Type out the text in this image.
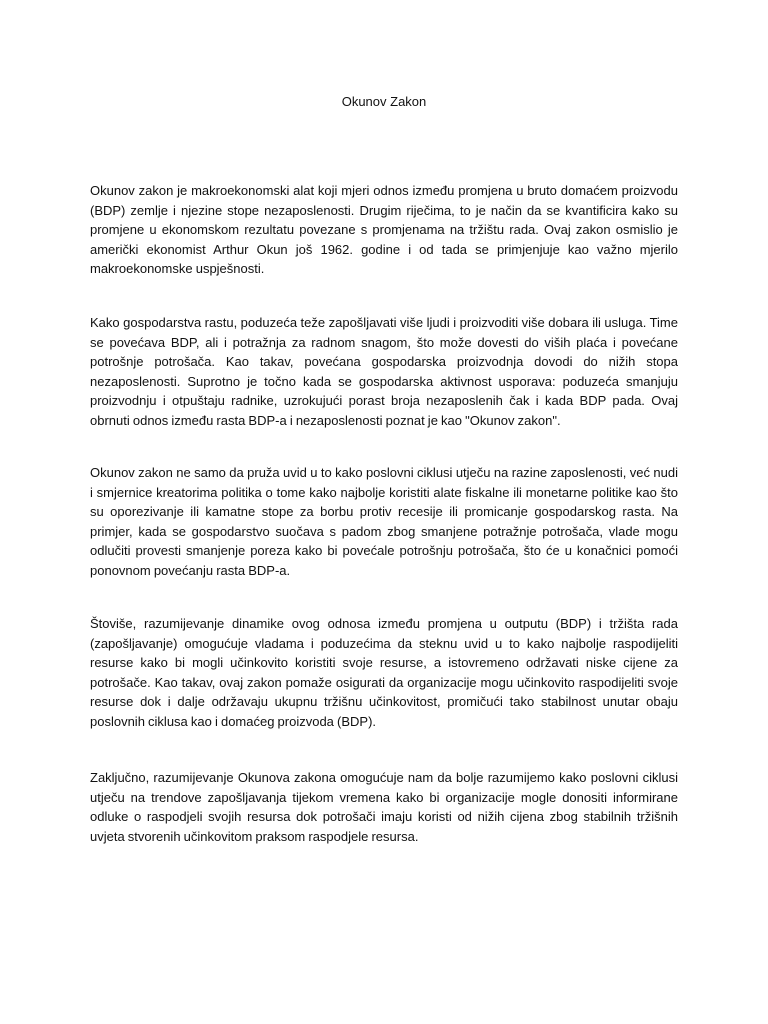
Okunov Zakon

Okunov zakon je makroekonomski alat koji mjeri odnos između promjena u bruto domaćem proizvodu (BDP) zemlje i njezine stope nezaposlenosti. Drugim riječima, to je način da se kvantificira kako su promjene u ekonomskom rezultatu povezane s promjenama na tržištu rada. Ovaj zakon osmislio je američki ekonomist Arthur Okun još 1962. godine i od tada se primjenjuje kao važno mjerilo makroekonomske uspješnosti.

Kako gospodarstva rastu, poduzeća teže zapošljavati više ljudi i proizvoditi više dobara ili usluga. Time se povećava BDP, ali i potražnja za radnom snagom, što može dovesti do viših plaća i povećane potrošnje potrošača. Kao takav, povećana gospodarska proizvodnja dovodi do nižih stopa nezaposlenosti. Suprotno je točno kada se gospodarska aktivnost usporava: poduzeća smanjuju proizvodnju i otpuštaju radnike, uzrokujući porast broja nezaposlenih čak i kada BDP pada. Ovaj obrnuti odnos između rasta BDP-a i nezaposlenosti poznat je kao "Okunov zakon".

Okunov zakon ne samo da pruža uvid u to kako poslovni ciklusi utječu na razine zaposlenosti, već nudi i smjernice kreatorima politika o tome kako najbolje koristiti alate fiskalne ili monetarne politike kao što su oporezivanje ili kamatne stope za borbu protiv recesije ili promicanje gospodarskog rasta. Na primjer, kada se gospodarstvo suočava s padom zbog smanjene potražnje potrošača, vlade mogu odlučiti provesti smanjenje poreza kako bi povećale potrošnju potrošača, što će u konačnici pomoći ponovnom povećanju rasta BDP-a.

Štoviše, razumijevanje dinamike ovog odnosa između promjena u outputu (BDP) i tržišta rada (zapošljavanje) omogućuje vladama i poduzećima da steknu uvid u to kako najbolje raspodijeliti resurse kako bi mogli učinkovito koristiti svoje resurse, a istovremeno održavati niske cijene za potrošače. Kao takav, ovaj zakon pomaže osigurati da organizacije mogu učinkovito raspodijeliti svoje resurse dok i dalje održavaju ukupnu tržišnu učinkovitost, promičući tako stabilnost unutar obaju poslovnih ciklusa kao i domaćeg proizvoda (BDP).

Zaključno, razumijevanje Okunova zakona omogućuje nam da bolje razumijemo kako poslovni ciklusi utječu na trendove zapošljavanja tijekom vremena kako bi organizacije mogle donositi informirane odluke o raspodjeli svojih resursa dok potrošači imaju koristi od nižih cijena zbog stabilnih tržišnih uvjeta stvorenih učinkovitom praksom raspodjele resursa.
